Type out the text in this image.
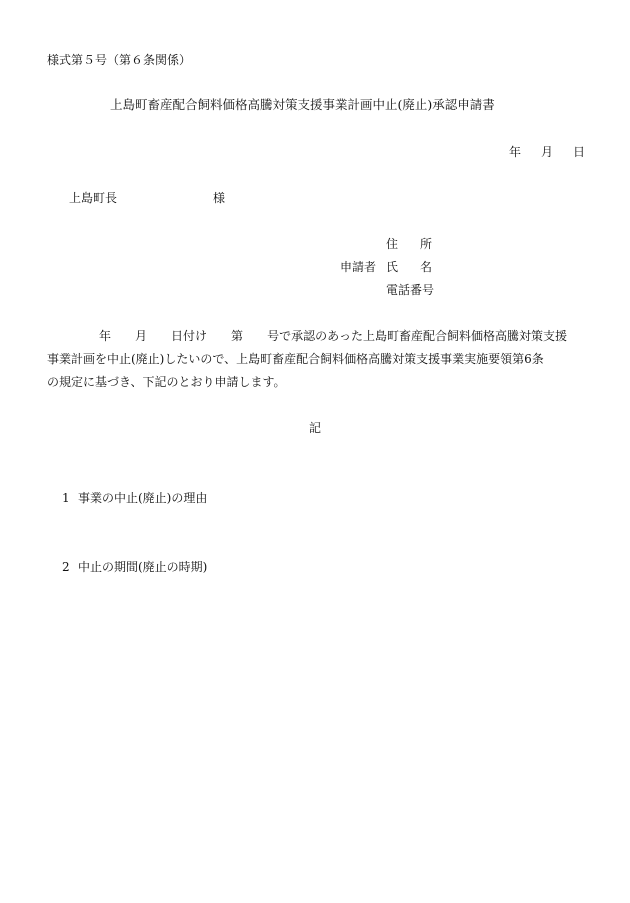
様式第５号（第６条関係）
上島町畜産配合飼料価格高騰対策支援事業計画中止(廃止)承認申請書
年 月 日
上島町長	様
住 所
申請者 氏 名
電話番号
年 月 日付け 第 号で承認のあった上島町畜産配合飼料価格高騰対策支援
事業計画を中止(廃止)したいので、上島町畜産配合飼料価格高騰対策支援事業実施要領第6条
の規定に基づき、下記のとおり申請します。
記
1 事業の中止(廃止)の理由
2 中止の期間(廃止の時期)
